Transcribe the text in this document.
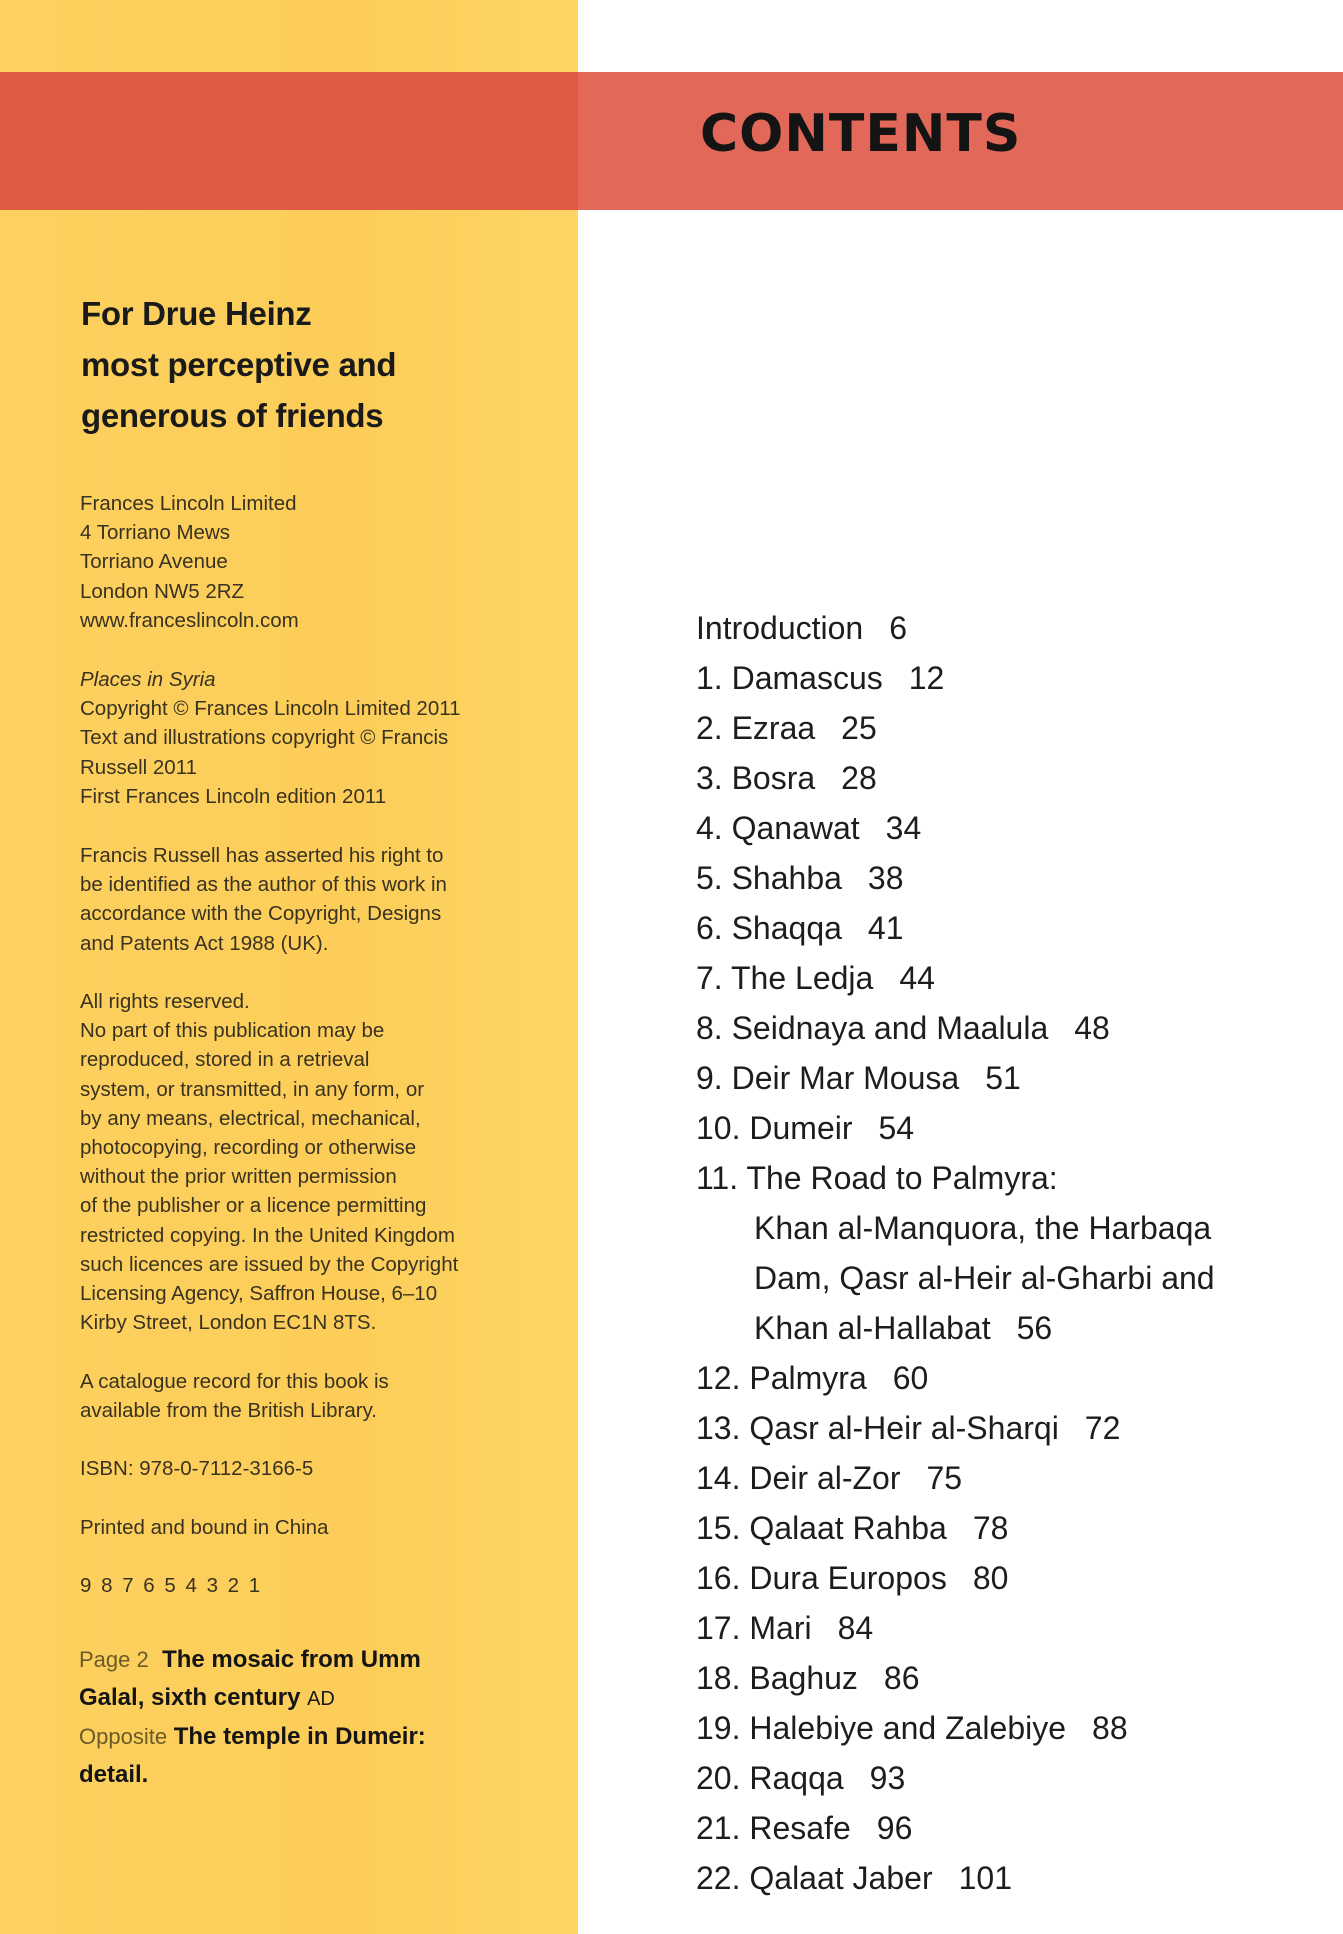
CONTENTS
For Drue Heinz
most perceptive and
generous of friends
Frances Lincoln Limited
4 Torriano Mews
Torriano Avenue
London NW5 2RZ
www.franceslincoln.com
Places in Syria
Copyright © Frances Lincoln Limited 2011
Text and illustrations copyright © Francis
Russell 2011
First Frances Lincoln edition 2011
Francis Russell has asserted his right to
be identified as the author of this work in
accordance with the Copyright, Designs
and Patents Act 1988 (UK).
All rights reserved.
No part of this publication may be
reproduced, stored in a retrieval
system, or transmitted, in any form, or
by any means, electrical, mechanical,
photocopying, recording or otherwise
without the prior written permission
of the publisher or a licence permitting
restricted copying. In the United Kingdom
such licences are issued by the Copyright
Licensing Agency, Saffron House, 6–10
Kirby Street, London EC1N 8TS.
A catalogue record for this book is
available from the British Library.
ISBN: 978-0-7112-3166-5
Printed and bound in China
9 8 7 6 5 4 3 2 1
Page 2 The mosaic from Umm
Galal, sixth century AD
Opposite The temple in Dumeir:
detail.
Introduction 6
1. Damascus 12
2. Ezraa 25
3. Bosra 28
4. Qanawat 34
5. Shahba 38
6. Shaqqa 41
7. The Ledja 44
8. Seidnaya and Maalula 48
9. Deir Mar Mousa 51
10. Dumeir 54
11. The Road to Palmyra:
Khan al-Manquora, the Harbaqa
Dam, Qasr al-Heir al-Gharbi and
Khan al-Hallabat 56
12. Palmyra 60
13. Qasr al-Heir al-Sharqi 72
14. Deir al-Zor 75
15. Qalaat Rahba 78
16. Dura Europos 80
17. Mari 84
18. Baghuz 86
19. Halebiye and Zalebiye 88
20. Raqqa 93
21. Resafe 96
22. Qalaat Jaber 101
